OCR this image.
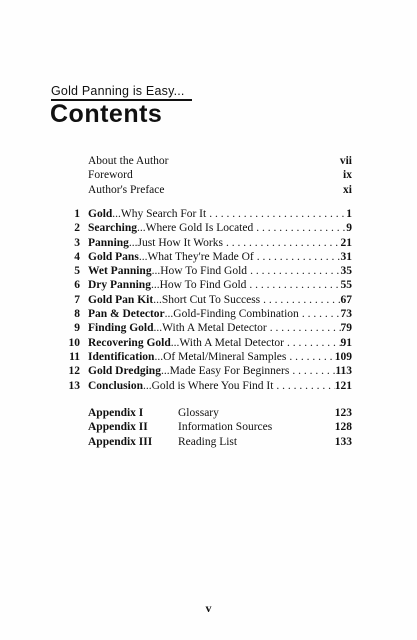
Gold Panning is Easy...
Contents
About the Author	vii
Foreword	ix
Author's Preface	xi
1 Gold...Why Search For It . . .	1
2 Searching...Where Gold Is Located . . .	9
3 Panning...Just How It Works . . .	21
4 Gold Pans...What They're Made Of . . .	31
5 Wet Panning...How To Find Gold . . .	35
6 Dry Panning...How To Find Gold . . .	55
7 Gold Pan Kit...Short Cut To Success . . .	67
8 Pan & Detector...Gold-Finding Combination . . .	73
9 Finding Gold...With A Metal Detector . . .	79
10 Recovering Gold...With A Metal Detector . . .	91
11 Identification...Of Metal/Mineral Samples . . .	109
12 Gold Dredging...Made Easy For Beginners . . .	113
13 Conclusion...Gold is Where You Find It . . .	121
Appendix I	Glossary	123
Appendix II	Information Sources	128
Appendix III	Reading List	133
v
